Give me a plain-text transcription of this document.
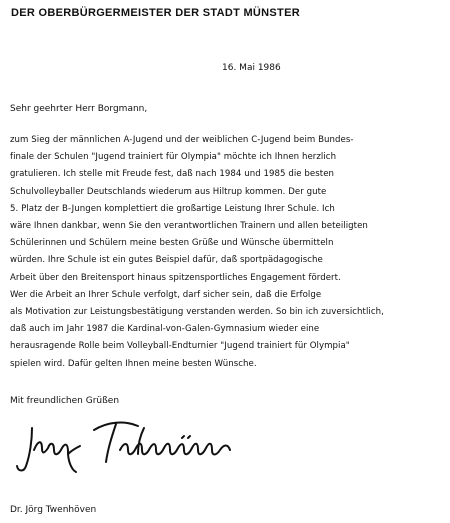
DER OBERBÜRGERMEISTER DER STADT MÜNSTER
16. Mai 1986
Sehr geehrter Herr Borgmann,
zum Sieg der männlichen A-Jugend und der weiblichen C-Jugend beim Bundes-
finale der Schulen "Jugend trainiert für Olympia" möchte ich Ihnen herzlich
gratulieren. Ich stelle mit Freude fest, daß nach 1984 und 1985 die besten
Schulvolleyballer Deutschlands wiederum aus Hiltrup kommen. Der gute
5. Platz der B-Jungen komplettiert die großartige Leistung Ihrer Schule. Ich
wäre Ihnen dankbar, wenn Sie den verantwortlichen Trainern und allen beteiligten
Schülerinnen und Schülern meine besten Grüße und Wünsche übermitteln
würden. Ihre Schule ist ein gutes Beispiel dafür, daß sportpädagogische
Arbeit über den Breitensport hinaus spitzensportliches Engagement fördert.
Wer die Arbeit an Ihrer Schule verfolgt, darf sicher sein, daß die Erfolge
als Motivation zur Leistungsbestätigung verstanden werden. So bin ich zuversichtlich,
daß auch im Jahr 1987 die Kardinal-von-Galen-Gymnasium wieder eine
herausragende Rolle beim Volleyball-Endturnier "Jugend trainiert für Olympia"
spielen wird. Dafür gelten Ihnen meine besten Wünsche.
Mit freundlichen Grüßen
Dr. Jörg Twenhöven
